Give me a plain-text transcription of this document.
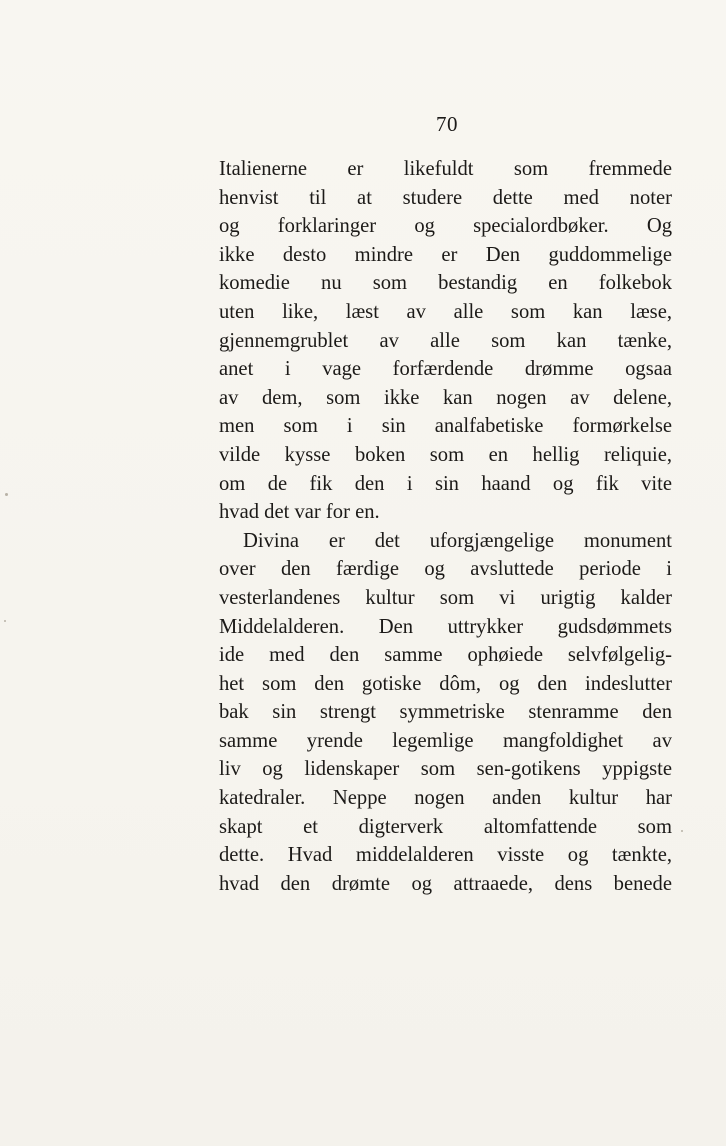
70
Italienerne er likefuldt som fremmede
henvist til at studere dette med noter
og forklaringer og specialordbøker. Og
ikke desto mindre er Den guddommelige
komedie nu som bestandig en folkebok
uten like, læst av alle som kan læse,
gjennemgrublet av alle som kan tænke,
anet i vage forfærdende drømme ogsaa
av dem, som ikke kan nogen av delene,
men som i sin analfabetiske formørkelse
vilde kysse boken som en hellig reliquie,
om de fik den i sin haand og fik vite
hvad det var for en.
Divina er det uforgjængelige monument
over den færdige og avsluttede periode i
vesterlandenes kultur som vi urigtig kalder
Middelalderen. Den uttrykker gudsdømmets
ide med den samme ophøiede selvfølgelig-
het som den gotiske dôm, og den indeslutter
bak sin strengt symmetriske stenramme den
samme yrende legemlige mangfoldighet av
liv og lidenskaper som sen-gotikens yppigste
katedraler. Neppe nogen anden kultur har
skapt et digterverk altomfattende som
dette. Hvad middelalderen visste og tænkte,
hvad den drømte og attraaede, dens benede
